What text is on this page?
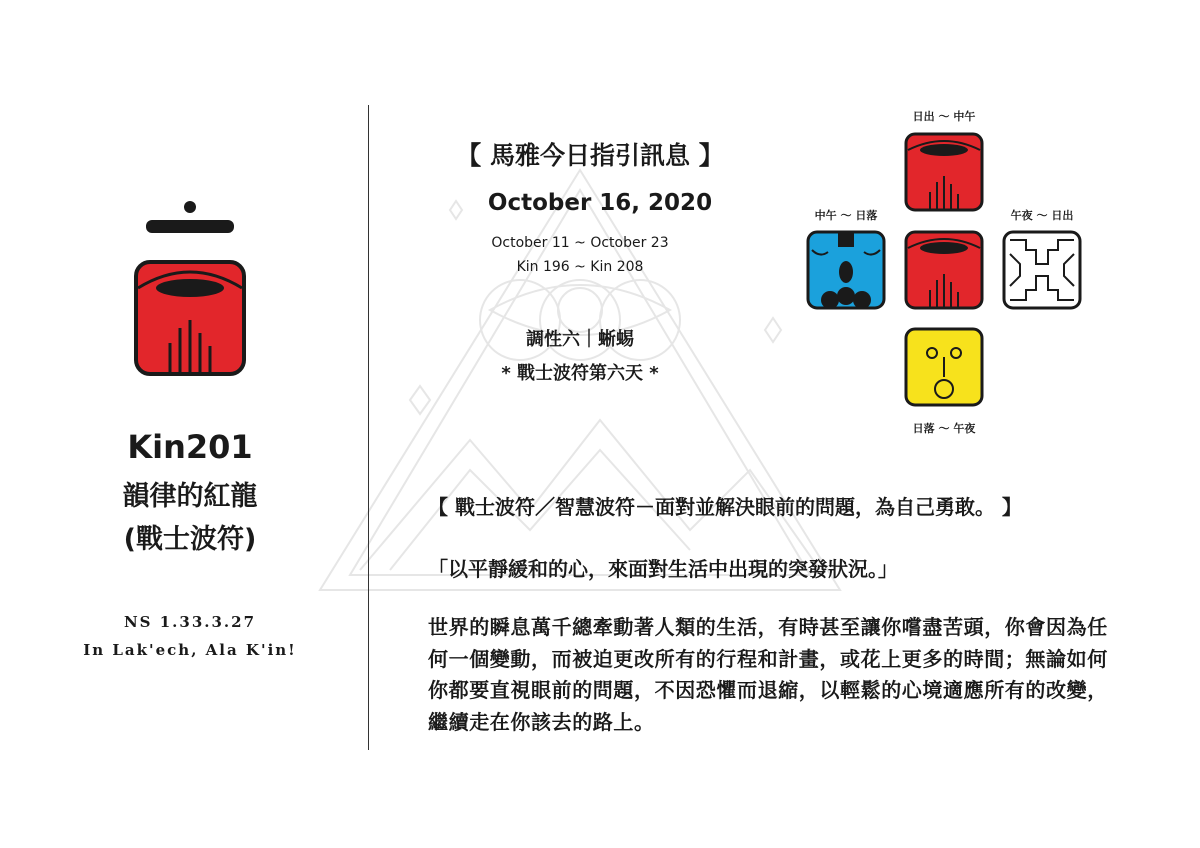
Kin201
韻律的紅龍
(戰士波符)
NS 1.33.3.27
In Lak'ech, Ala K'in!
【 馬雅今日指引訊息 】
October 16, 2020
October 11 ~ October 23
Kin 196 ~ Kin 208
調性六｜蜥蜴
* 戰士波符第六天 *
日出 ～ 中午
中午 ～ 日落	午夜 ～ 日出
日落 ～ 午夜
【 戰士波符／智慧波符－面對並解決眼前的問題，為自己勇敢。 】
「以平靜緩和的心，來面對生活中出現的突發狀況。」
世界的瞬息萬千總牽動著人類的生活，有時甚至讓你嚐盡苦頭，你會因為任何一個變動，而被迫更改所有的行程和計畫，或花上更多的時間；無論如何你都要直視眼前的問題，不因恐懼而退縮，以輕鬆的心境適應所有的改變，繼續走在你該去的路上。
